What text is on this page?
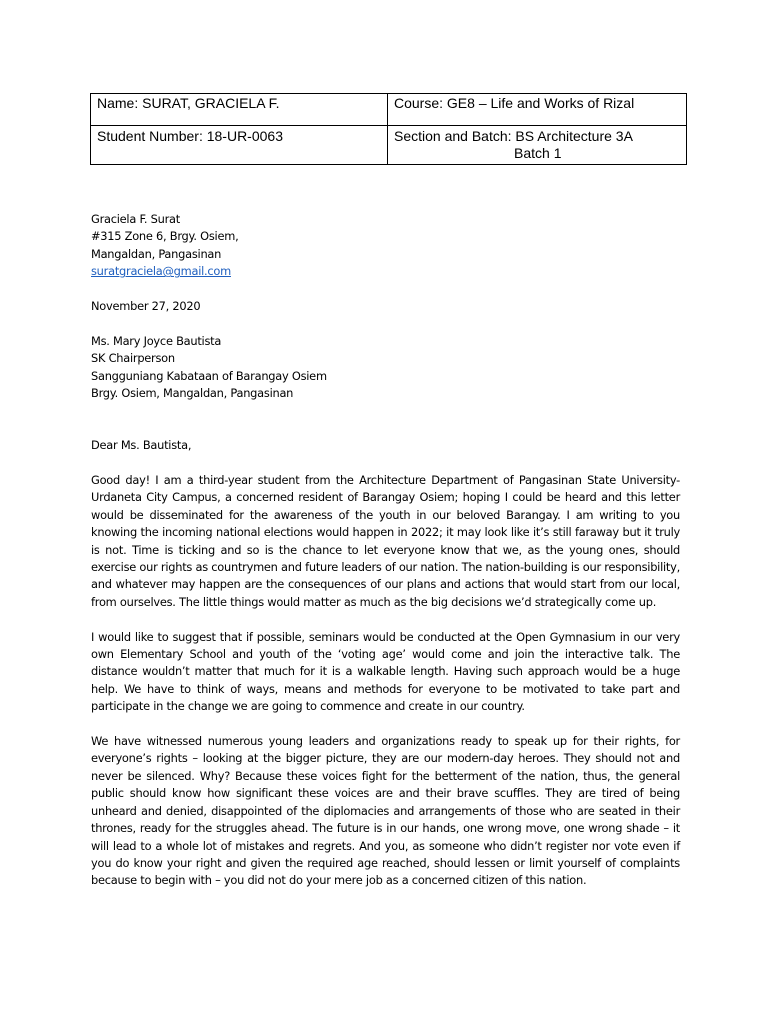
Name: SURAT, GRACIELA F.	Course: GE8 – Life and Works of Rizal
Student Number: 18-UR-0063	Section and Batch: BS Architecture 3A
Batch 1
Graciela F. Surat
#315 Zone 6, Brgy. Osiem,
Mangaldan, Pangasinan
suratgraciela@gmail.com
November 27, 2020
Ms. Mary Joyce Bautista
SK Chairperson
Sangguniang Kabataan of Barangay Osiem
Brgy. Osiem, Mangaldan, Pangasinan
Dear Ms. Bautista,

Good day! I am a third-year student from the Architecture Department of Pangasinan State University-Urdaneta City Campus, a concerned resident of Barangay Osiem; hoping I could be heard and this letter would be disseminated for the awareness of the youth in our beloved Barangay. I am writing to you knowing the incoming national elections would happen in 2022; it may look like it’s still faraway but it truly is not. Time is ticking and so is the chance to let everyone know that we, as the young ones, should exercise our rights as countrymen and future leaders of our nation. The nation-building is our responsibility, and whatever may happen are the consequences of our plans and actions that would start from our local, from ourselves. The little things would matter as much as the big decisions we’d strategically come up.

I would like to suggest that if possible, seminars would be conducted at the Open Gymnasium in our very own Elementary School and youth of the ‘voting age’ would come and join the interactive talk. The distance wouldn’t matter that much for it is a walkable length. Having such approach would be a huge help. We have to think of ways, means and methods for everyone to be motivated to take part and participate in the change we are going to commence and create in our country.

We have witnessed numerous young leaders and organizations ready to speak up for their rights, for everyone’s rights – looking at the bigger picture, they are our modern-day heroes. They should not and never be silenced. Why? Because these voices fight for the betterment of the nation, thus, the general public should know how significant these voices are and their brave scuffles. They are tired of being unheard and denied, disappointed of the diplomacies and arrangements of those who are seated in their thrones, ready for the struggles ahead. The future is in our hands, one wrong move, one wrong shade – it will lead to a whole lot of mistakes and regrets. And you, as someone who didn’t register nor vote even if you do know your right and given the required age reached, should lessen or limit yourself of complaints because to begin with – you did not do your mere job as a concerned citizen of this nation.
